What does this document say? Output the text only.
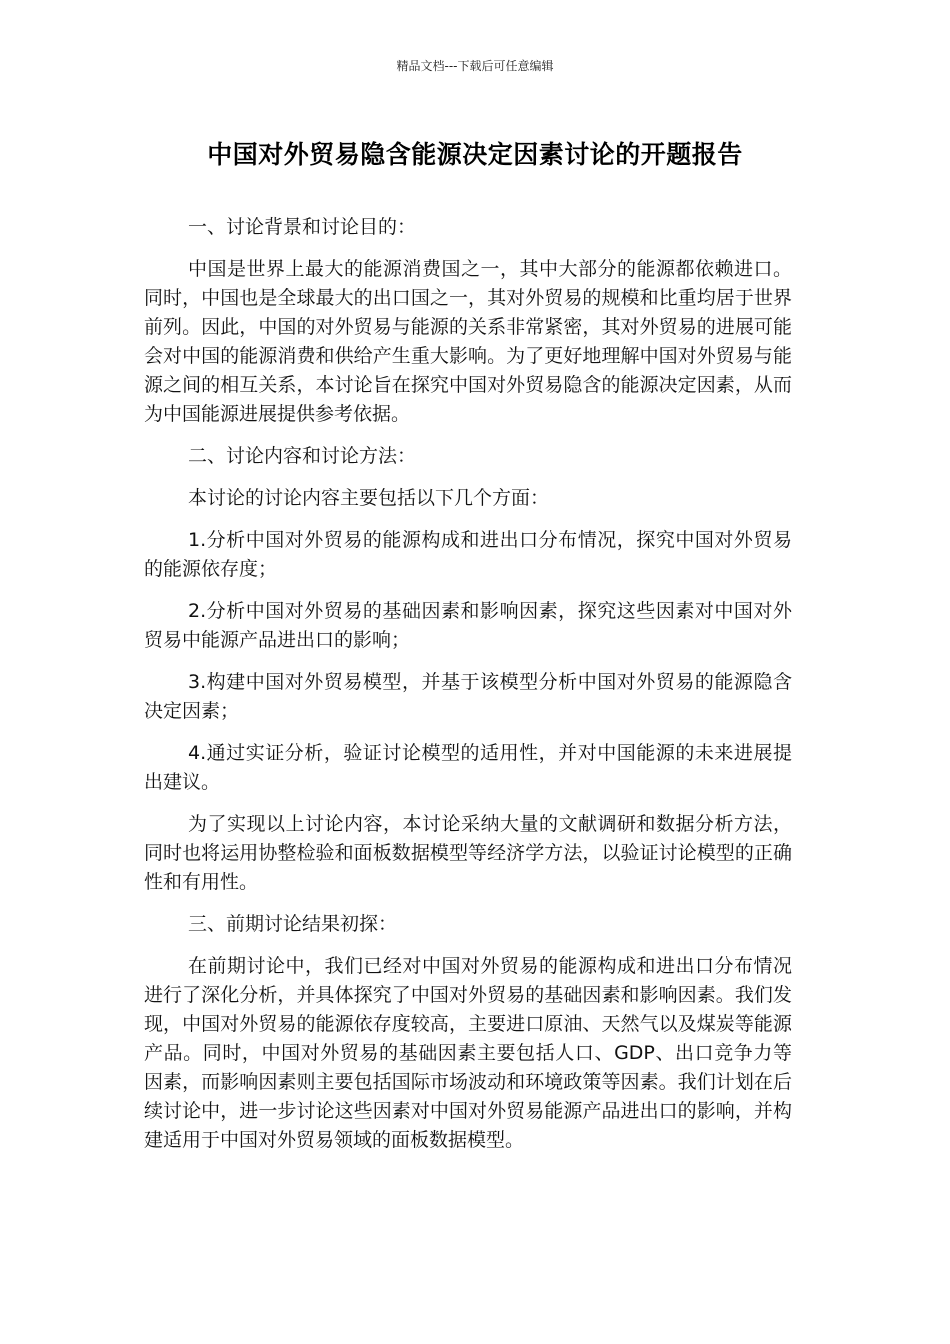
精品文档---下载后可任意编辑
中国对外贸易隐含能源决定因素讨论的开题报告

一、讨论背景和讨论目的：

中国是世界上最大的能源消费国之一，其中大部分的能源都依赖进口。同时，中国也是全球最大的出口国之一，其对外贸易的规模和比重均居于世界前列。因此，中国的对外贸易与能源的关系非常紧密，其对外贸易的进展可能会对中国的能源消费和供给产生重大影响。为了更好地理解中国对外贸易与能源之间的相互关系，本讨论旨在探究中国对外贸易隐含的能源决定因素，从而为中国能源进展提供参考依据。

二、讨论内容和讨论方法：

本讨论的讨论内容主要包括以下几个方面：

1.分析中国对外贸易的能源构成和进出口分布情况，探究中国对外贸易的能源依存度；

2.分析中国对外贸易的基础因素和影响因素，探究这些因素对中国对外贸易中能源产品进出口的影响；

3.构建中国对外贸易模型，并基于该模型分析中国对外贸易的能源隐含决定因素；

4.通过实证分析，验证讨论模型的适用性，并对中国能源的未来进展提出建议。

为了实现以上讨论内容，本讨论采纳大量的文献调研和数据分析方法，同时也将运用协整检验和面板数据模型等经济学方法，以验证讨论模型的正确性和有用性。

三、前期讨论结果初探：

在前期讨论中，我们已经对中国对外贸易的能源构成和进出口分布情况进行了深化分析，并具体探究了中国对外贸易的基础因素和影响因素。我们发现，中国对外贸易的能源依存度较高，主要进口原油、天然气以及煤炭等能源产品。同时，中国对外贸易的基础因素主要包括人口、GDP、出口竞争力等因素，而影响因素则主要包括国际市场波动和环境政策等因素。我们计划在后续讨论中，进一步讨论这些因素对中国对外贸易能源产品进出口的影响，并构建适用于中国对外贸易领域的面板数据模型。
